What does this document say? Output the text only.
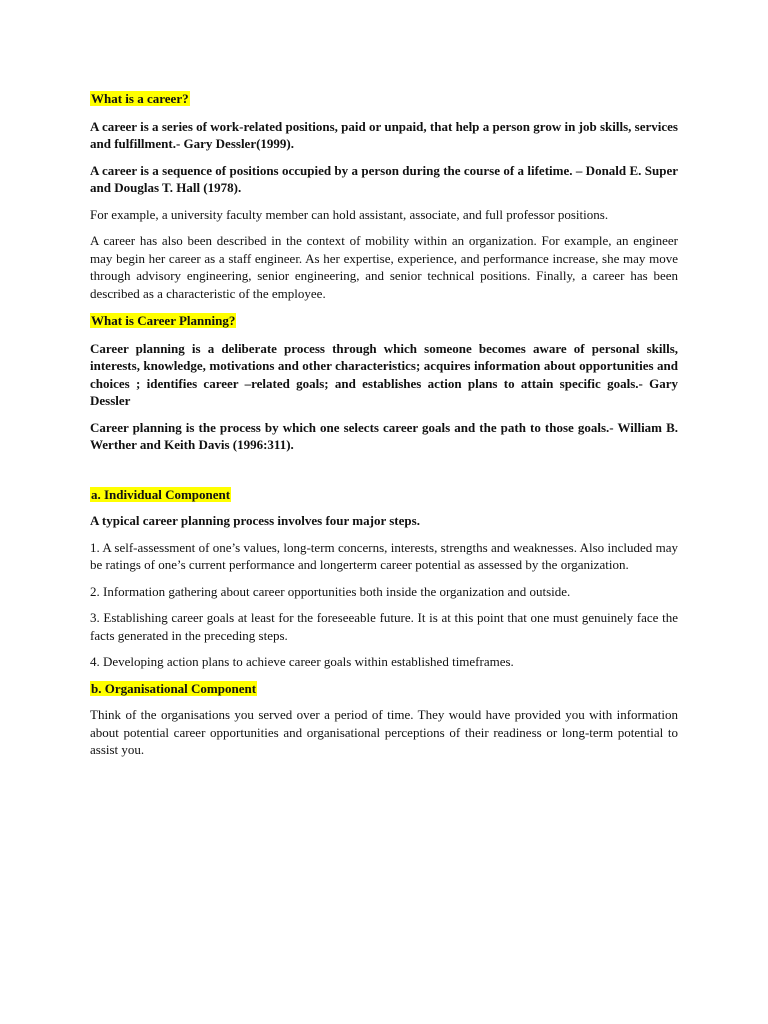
What is a career?

A career is a series of work-related positions, paid or unpaid, that help a person grow in job skills, services and fulfillment.- Gary Dessler(1999).

A career is a sequence of positions occupied by a person during the course of a lifetime. – Donald E. Super and Douglas T. Hall (1978).

For example, a university faculty member can hold assistant, associate, and full professor positions.

A career has also been described in the context of mobility within an organization. For example, an engineer may begin her career as a staff engineer. As her expertise, experience, and performance increase, she may move through advisory engineering, senior engineering, and senior technical positions. Finally, a career has been described as a characteristic of the employee.

What is Career Planning?

Career planning is a deliberate process through which someone becomes aware of personal skills, interests, knowledge, motivations and other characteristics; acquires information about opportunities and choices ; identifies career –related goals; and establishes action plans to attain specific goals.- Gary Dessler

Career planning is the process by which one selects career goals and the path to those goals.- William B. Werther and Keith Davis (1996:311).

a. Individual Component

A typical career planning process involves four major steps.

1. A self-assessment of one’s values, long-term concerns, interests, strengths and weaknesses. Also included may be ratings of one’s current performance and longerterm career potential as assessed by the organization.

2. Information gathering about career opportunities both inside the organization and outside.

3. Establishing career goals at least for the foreseeable future. It is at this point that one must genuinely face the facts generated in the preceding steps.

4. Developing action plans to achieve career goals within established timeframes.

b. Organisational Component

Think of the organisations you served over a period of time. They would have provided you with information about potential career opportunities and organisational perceptions of their readiness or long-term potential to assist you.
